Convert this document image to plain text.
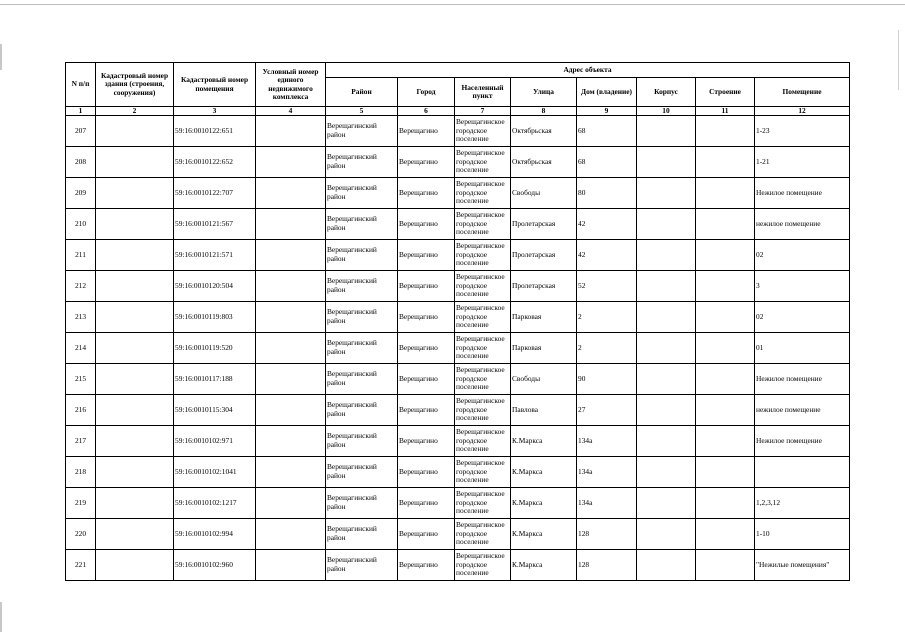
N п/п	Кадастровый номер здания (строения, сооружения)	Кадастровый номер помещения	Условный номер единого недвижимого комплекса	Адрес объекта							
				Район	Город	Населенный пункт	Улица	Дом (владение)	Корпус	Строение	Помещение
1	2	3	4	5	6	7	8	9	10	11	12
207		59:16:0010122:651		Верещагинский район	Верещагино	Верещагинское городское поселение	Октябрьская	68			1-23
208		59:16:0010122:652		Верещагинский район	Верещагино	Верещагинское городское поселение	Октябрьская	68			1-21
209		59:16:0010122:707		Верещагинский район	Верещагино	Верещагинское городское поселение	Свободы	80			Нежилое помещение
210		59:16:0010121:567		Верещагинский район	Верещагино	Верещагинское городское поселение	Пролетарская	42			нежилое помещение
211		59:16:0010121:571		Верещагинский район	Верещагино	Верещагинское городское поселение	Пролетарская	42			02
212		59:16:0010120:504		Верещагинский район	Верещагино	Верещагинское городское поселение	Пролетарская	52			3
213		59:16:0010119:803		Верещагинский район	Верещагино	Верещагинское городское поселение	Парковая	2			02
214		59:16:0010119:520		Верещагинский район	Верещагино	Верещагинское городское поселение	Парковая	2			01
215		59:16:0010117:188		Верещагинский район	Верещагино	Верещагинское городское поселение	Свободы	90			Нежилое помещение
216		59:16:0010115:304		Верещагинский район	Верещагино	Верещагинское городское поселение	Павлова	27			нежилое помещение
217		59:16:0010102:971		Верещагинский район	Верещагино	Верещагинское городское поселение	К.Маркса	134а			Нежилое помещение
218		59:16:0010102:1041		Верещагинский район	Верещагино	Верещагинское городское поселение	К.Маркса	134а			
219		59:16:0010102:1217		Верещагинский район	Верещагино	Верещагинское городское поселение	К.Маркса	134а			1,2,3,12
220		59:16:0010102:994		Верещагинский район	Верещагино	Верещагинское городское поселение	К.Маркса	128			1-10
221		59:16:0010102:960		Верещагинский район	Верещагино	Верещагинское городское поселение	К.Маркса	128			"Нежилые помещения"
